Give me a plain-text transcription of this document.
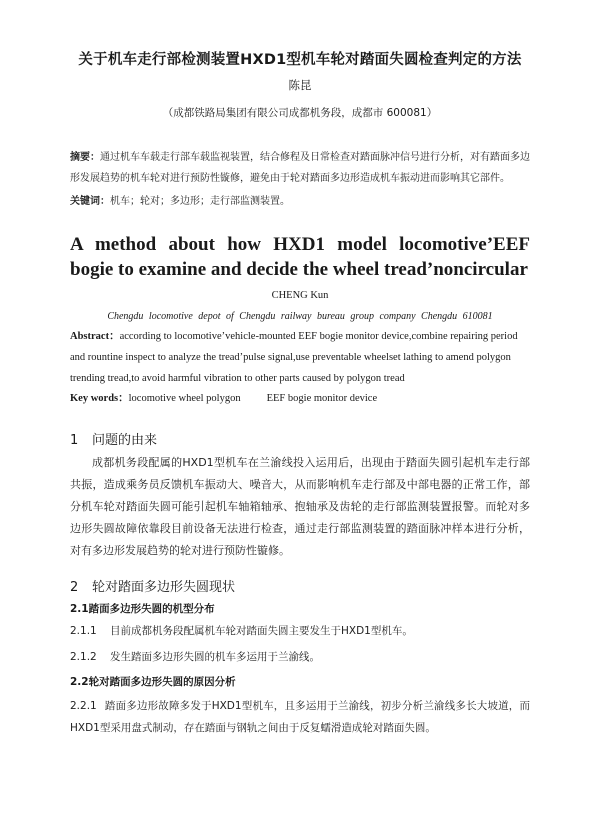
关于机车走行部检测装置HXD1型机车轮对踏面失圆检查判定的方法
陈昆
（成都铁路局集团有限公司成都机务段，成都市 600081）
摘要：通过机车车载走行部车载监视装置，结合修程及日常检查对踏面脉冲信号进行分析，对有踏面多边形发展趋势的机车轮对进行预防性镟修，避免由于轮对踏面多边形造成机车振动进而影响其它部件。
关键词：机车；轮对；多边形；走行部监测装置。
A method about how HXD1 model locomotive’EEF bogie to examine and decide the wheel tread’noncircular
CHENG Kun
Chengdu locomotive depot of Chengdu railway bureau group company Chengdu 610081
Abstract：according to locomotive’vehicle-mounted EEF bogie monitor device,combine repairing period and rountine inspect to analyze the tread’pulse signal,use preventable wheelset lathing to amend polygon trending tread,to avoid harmful vibration to other parts caused by polygon tread
Key words：locomotive wheel polygon EEF bogie monitor device
1 问题的由来

成都机务段配属的HXD1型机车在兰渝线投入运用后，出现由于踏面失圆引起机车走行部共振，造成乘务员反馈机车振动大、噪音大，从而影响机车走行部及中部电器的正常工作，部分机车轮对踏面失圆可能引起机车轴箱轴承、抱轴承及齿轮的走行部监测装置报警。而轮对多边形失圆故障依靠段目前设备无法进行检查，通过走行部监测装置的踏面脉冲样本进行分析，对有多边形发展趋势的轮对进行预防性镟修。

2 轮对踏面多边形失圆现状
2.1踏面多边形失圆的机型分布
2.1.1 目前成都机务段配属机车轮对踏面失圆主要发生于HXD1型机车。
2.1.2 发生踏面多边形失圆的机车多运用于兰渝线。
2.2轮对踏面多边形失圆的原因分析
2.2.1 踏面多边形故障多发于HXD1型机车，且多运用于兰渝线，初步分析兰渝线多长大坡道，而HXD1型采用盘式制动，存在踏面与钢轨之间由于反复蠕滑造成轮对踏面失圆。
